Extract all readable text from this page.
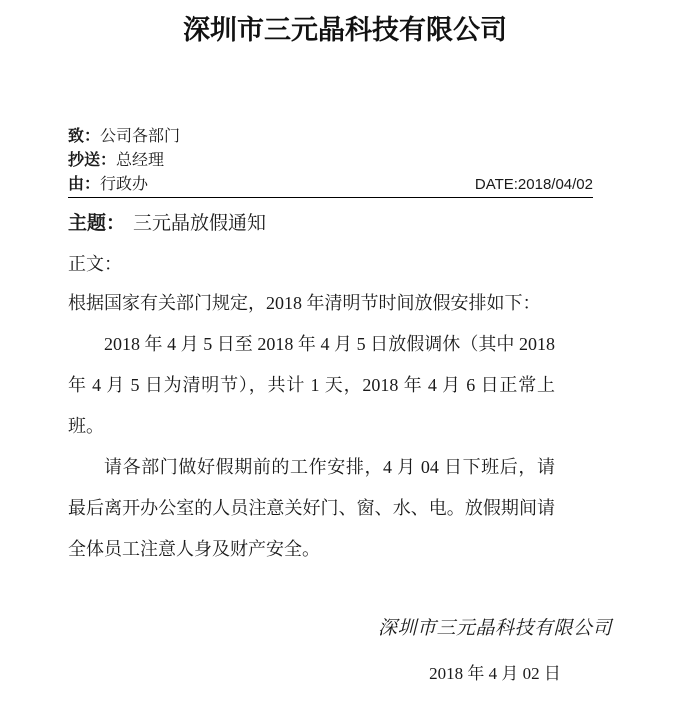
深圳市三元晶科技有限公司
致：公司各部门
抄送：总经理
由：行政办	DATE:2018/04/02
主题： 三元晶放假通知
正文：

根据国家有关部门规定，2018 年清明节时间放假安排如下：

2018 年 4 月 5 日至 2018 年 4 月 5 日放假调休（其中 2018 年 4 月 5 日为清明节），共计 1 天，2018 年 4 月 6 日正常上班。

请各部门做好假期前的工作安排，4 月 04 日下班后，请最后离开办公室的人员注意关好门、窗、水、电。放假期间请全体员工注意人身及财产安全。

深圳市三元晶科技有限公司
2018 年 4 月 02 日
